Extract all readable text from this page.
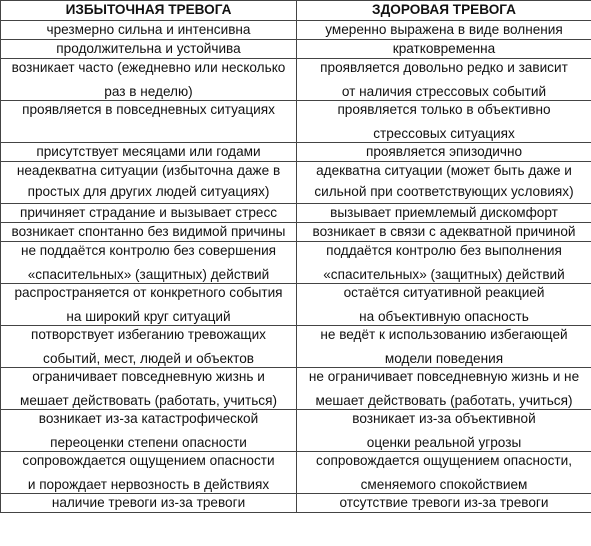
ИЗБЫТОЧНАЯ ТРЕВОГА	ЗДОРОВАЯ ТРЕВОГА

чрезмерно сильна и интенсивна	умеренно выражена в виде волнения

продолжительна и устойчива	кратковременна

возникает часто (ежедневно или несколько
раз в неделю)	проявляется довольно редко и зависит
от наличия стрессовых событий

проявляется в повседневных ситуациях	проявляется только в объективно
стрессовых ситуациях

присутствует месяцами или годами	проявляется эпизодично

неадекватна ситуации (избыточна даже в
простых для других людей ситуациях)	адекватна ситуации (может быть даже и
сильной при соответствующих условиях)

причиняет страдание и вызывает стресс	вызывает приемлемый дискомфорт

возникает спонтанно без видимой причины	возникает в связи с адекватной причиной

не поддаётся контролю без совершения
«спасительных» (защитных) действий	поддаётся контролю без выполнения
«спасительных» (защитных) действий

распространяется от конкретного события
на широкий круг ситуаций	остаётся ситуативной реакцией
на объективную опасность

потворствует избеганию тревожащих
событий, мест, людей и объектов	не ведёт к использованию избегающей
модели поведения

ограничивает повседневную жизнь и
мешает действовать (работать, учиться)	не ограничивает повседневную жизнь и не
мешает действовать (работать, учиться)

возникает из-за катастрофической
переоценки степени опасности	возникает из-за объективной
оценки реальной угрозы

сопровождается ощущением опасности
и порождает нервозность в действиях	сопровождается ощущением опасности,
сменяемого спокойствием

наличие тревоги из-за тревоги	отсутствие тревоги из-за тревоги
